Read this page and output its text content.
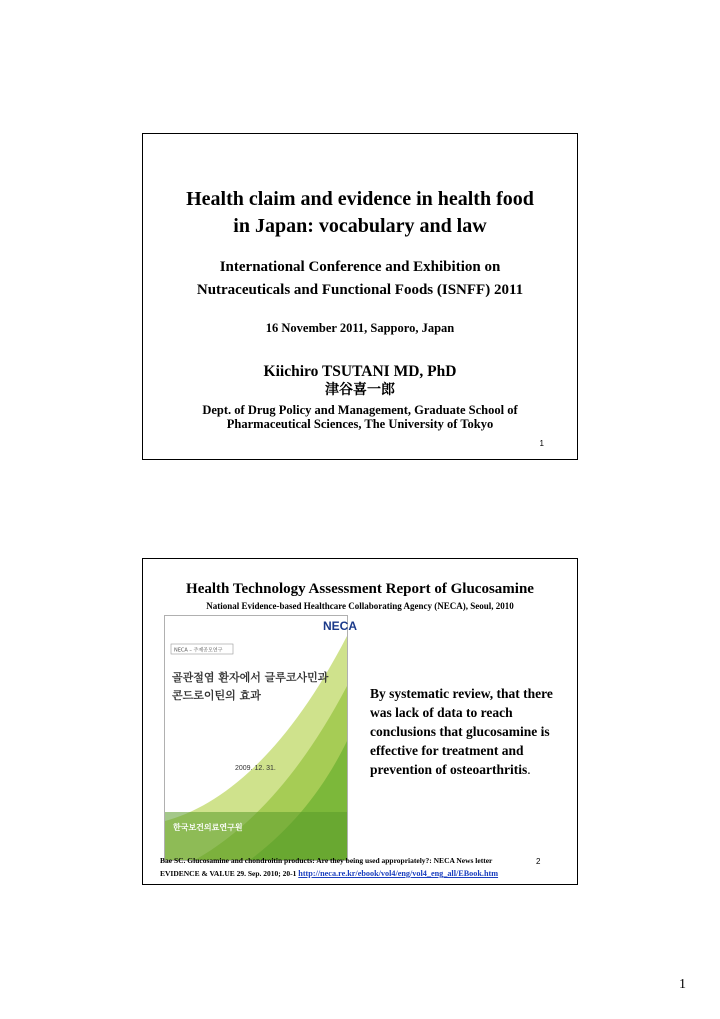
Health claim and evidence in health food
in Japan: vocabulary and law
International Conference and Exhibition on
Nutraceuticals and Functional Foods (ISNFF) 2011
16 November 2011, Sapporo, Japan
Kiichiro TSUTANI MD, PhD
津谷喜一郎
Dept. of Drug Policy and Management, Graduate School of
Pharmaceutical Sciences, The University of Tokyo
1
Health Technology Assessment Report of Glucosamine
National Evidence-based Healthcare Collaborating Agency (NECA), Seoul, 2010
NECA
NECA – 주제공모연구
골관절염 환자에서 글루코사민과
콘드로이틴의 효과
2009. 12. 31.
한국보건의료연구원
By systematic review, that there was lack of data to reach conclusions that glucosamine is effective for treatment and prevention of osteoarthritis.
Bae SC. Glucosamine and chondroitin products: Are they being used appropriately?: NECA News letter	2
EVIDENCE & VALUE 29. Sep. 2010; 20-1 http://neca.re.kr/ebook/vol4/eng/vol4_eng_all/EBook.htm
1
